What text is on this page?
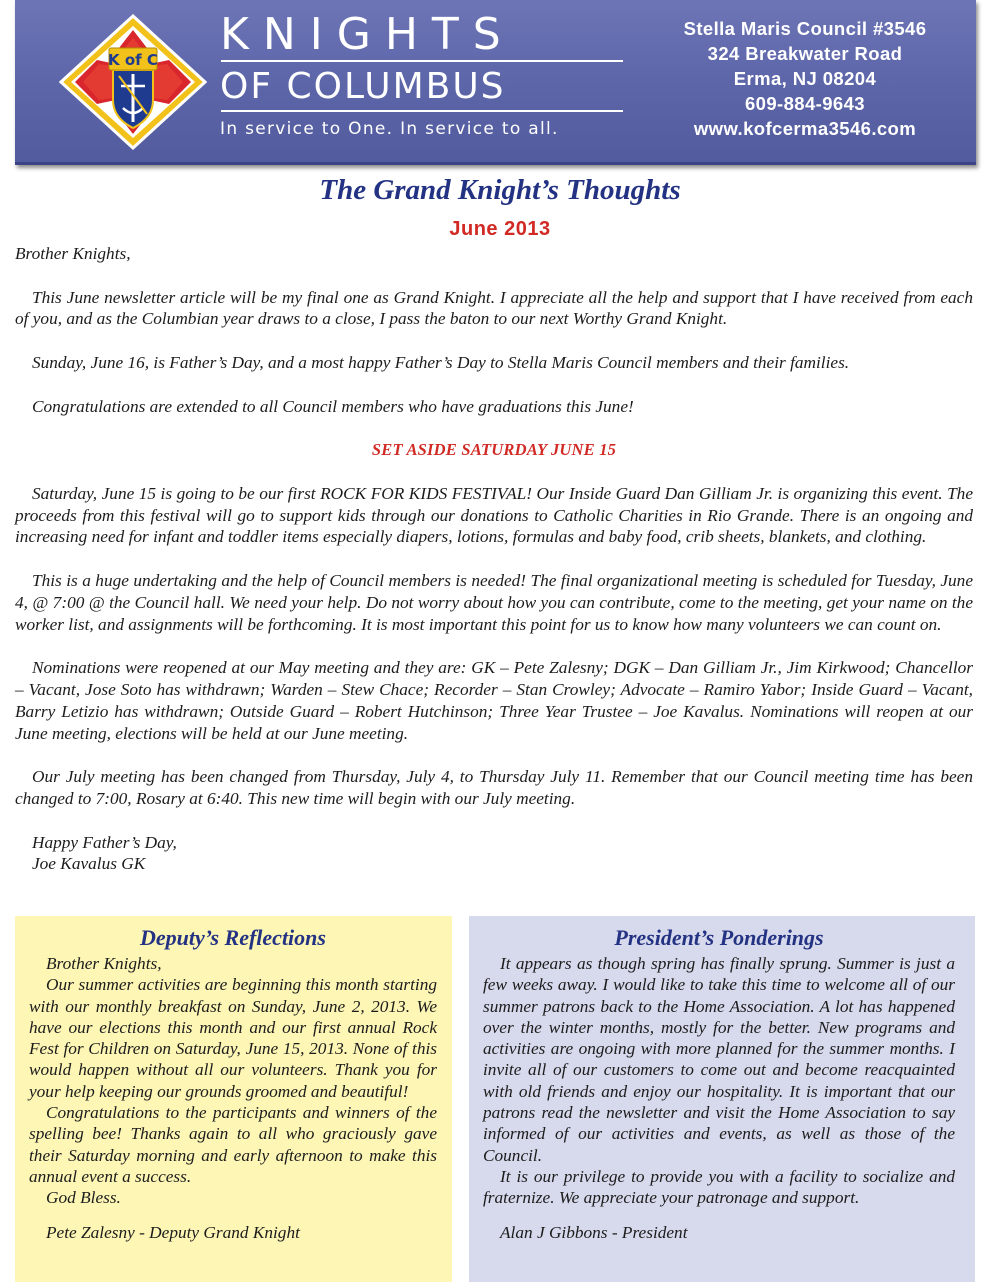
K of C KNIGHTS
OF COLUMBUS
In service to One. In service to all.
Stella Maris Council #3546
324 Breakwater Road
Erma, NJ 08204
609-884-9643
www.kofcerma3546.com
The Grand Knight’s Thoughts
June 2013

Brother Knights,

This June newsletter article will be my final one as Grand Knight. I appreciate all the help and support that I have received from each of you, and as the Columbian year draws to a close, I pass the baton to our next Worthy Grand Knight.

Sunday, June 16, is Father’s Day, and a most happy Father’s Day to Stella Maris Council members and their families.

Congratulations are extended to all Council members who have graduations this June!

SET ASIDE SATURDAY JUNE 15

Saturday, June 15 is going to be our first ROCK FOR KIDS FESTIVAL! Our Inside Guard Dan Gilliam Jr. is organizing this event. The proceeds from this festival will go to support kids through our donations to Catholic Charities in Rio Grande. There is an ongoing and increasing need for infant and toddler items especially diapers, lotions, formulas and baby food, crib sheets, blankets, and clothing.

This is a huge undertaking and the help of Council members is needed! The final organizational meeting is scheduled for Tuesday, June 4, @ 7:00 @ the Council hall. We need your help. Do not worry about how you can contribute, come to the meeting, get your name on the worker list, and assignments will be forthcoming. It is most important this point for us to know how many volunteers we can count on.

Nominations were reopened at our May meeting and they are: GK – Pete Zalesny; DGK – Dan Gilliam Jr., Jim Kirkwood; Chancellor – Vacant, Jose Soto has withdrawn; Warden – Stew Chace; Recorder – Stan Crowley; Advocate – Ramiro Yabor; Inside Guard – Vacant, Barry Letizio has withdrawn; Outside Guard – Robert Hutchinson; Three Year Trustee – Joe Kavalus. Nominations will reopen at our June meeting, elections will be held at our June meeting.

Our July meeting has been changed from Thursday, July 4, to Thursday July 11. Remember that our Council meeting time has been changed to 7:00, Rosary at 6:40. This new time will begin with our July meeting.

Happy Father’s Day,

Joe Kavalus GK

Deputy’s Reflections

Brother Knights,

Our summer activities are beginning this month starting with our monthly breakfast on Sunday, June 2, 2013. We have our elections this month and our first annual Rock Fest for Children on Saturday, June 15, 2013. None of this would happen without all our volunteers. Thank you for your help keeping our grounds groomed and beautiful!

Congratulations to the participants and winners of the spelling bee! Thanks again to all who graciously gave their Saturday morning and early afternoon to make this annual event a success.

God Bless.

Pete Zalesny - Deputy Grand Knight

President’s Ponderings

It appears as though spring has finally sprung. Summer is just a few weeks away. I would like to take this time to welcome all of our summer patrons back to the Home Association. A lot has happened over the winter months, mostly for the better. New programs and activities are ongoing with more planned for the summer months. I invite all of our customers to come out and become reacquainted with old friends and enjoy our hospitality. It is important that our patrons read the newsletter and visit the Home Association to say informed of our activities and events, as well as those of the Council.

It is our privilege to provide you with a facility to socialize and fraternize. We appreciate your patronage and support.

Alan J Gibbons - President
